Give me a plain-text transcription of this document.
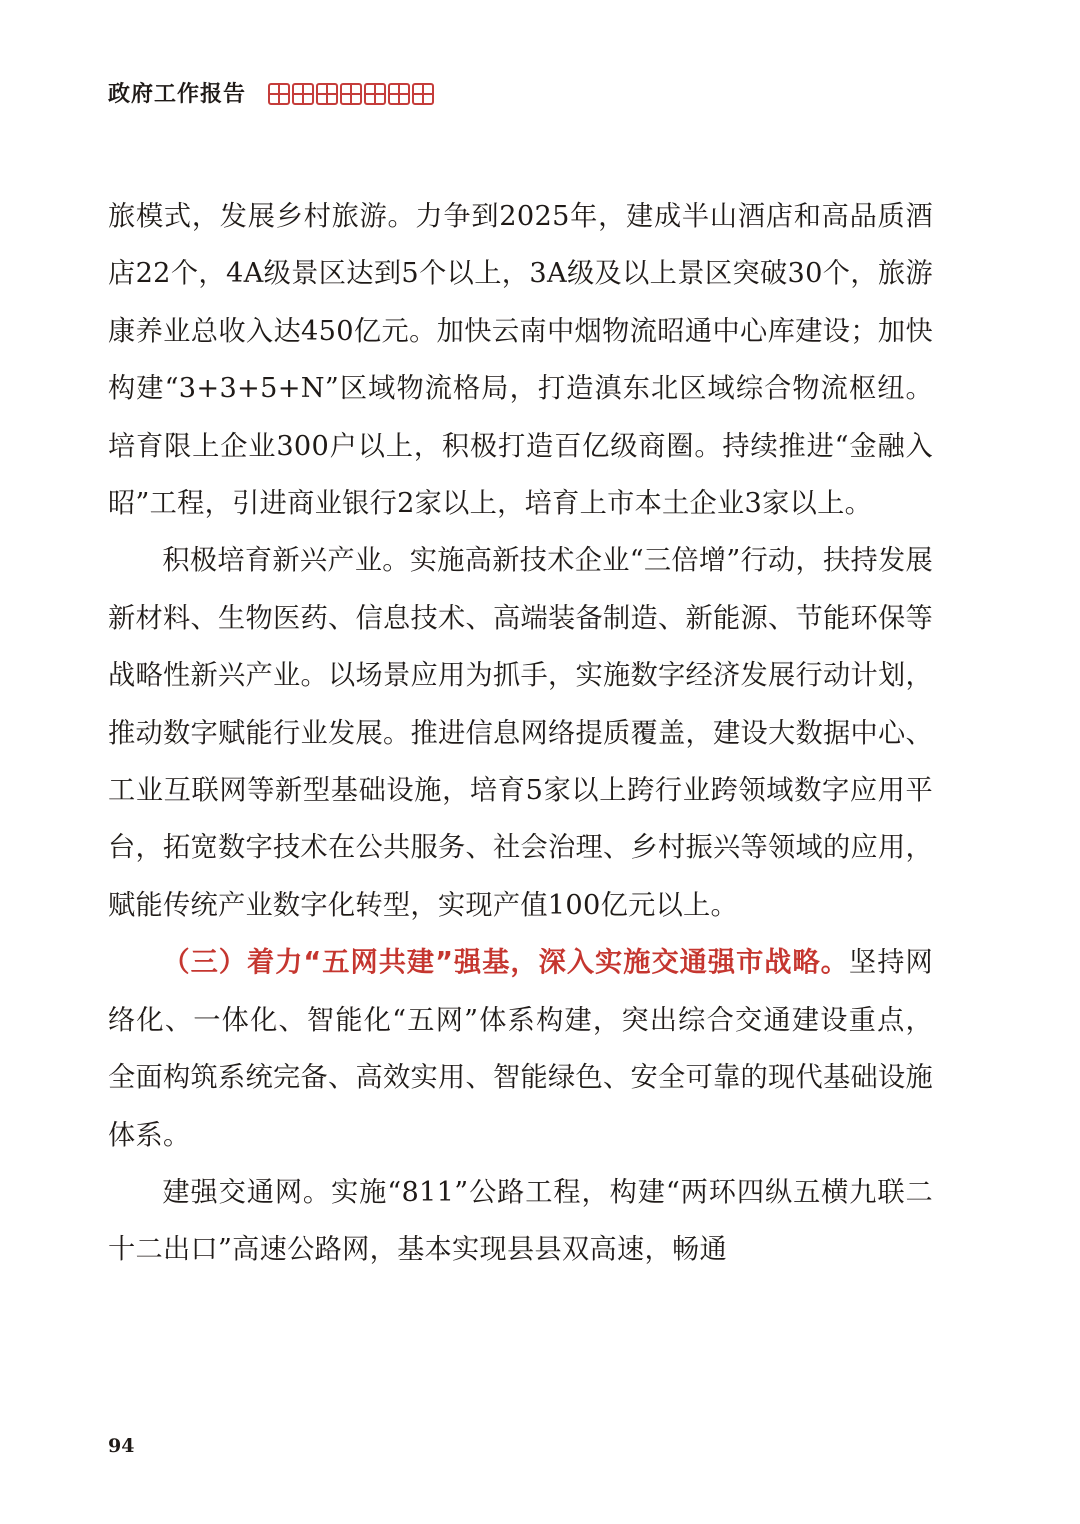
政府工作报告

旅模式，发展乡村旅游。力争到2025年，建成半山酒店和高品质酒店22个，4A级景区达到5个以上，3A级及以上景区突破30个，旅游康养业总收入达450亿元。加快云南中烟物流昭通中心库建设；加快构建“3+3+5+N”区域物流格局，打造滇东北区域综合物流枢纽。培育限上企业300户以上，积极打造百亿级商圈。持续推进“金融入昭”工程，引进商业银行2家以上，培育上市本土企业3家以上。

积极培育新兴产业。实施高新技术企业“三倍增”行动，扶持发展新材料、生物医药、信息技术、高端装备制造、新能源、节能环保等战略性新兴产业。以场景应用为抓手，实施数字经济发展行动计划，推动数字赋能行业发展。推进信息网络提质覆盖，建设大数据中心、工业互联网等新型基础设施，培育5家以上跨行业跨领域数字应用平台，拓宽数字技术在公共服务、社会治理、乡村振兴等领域的应用，赋能传统产业数字化转型，实现产值100亿元以上。

（三）着力“五网共建”强基，深入实施交通强市战略。坚持网络化、一体化、智能化“五网”体系构建，突出综合交通建设重点，全面构筑系统完备、高效实用、智能绿色、安全可靠的现代基础设施体系。

建强交通网。实施“811”公路工程，构建“两环四纵五横九联二十二出口”高速公路网，基本实现县县双高速，畅通

94
